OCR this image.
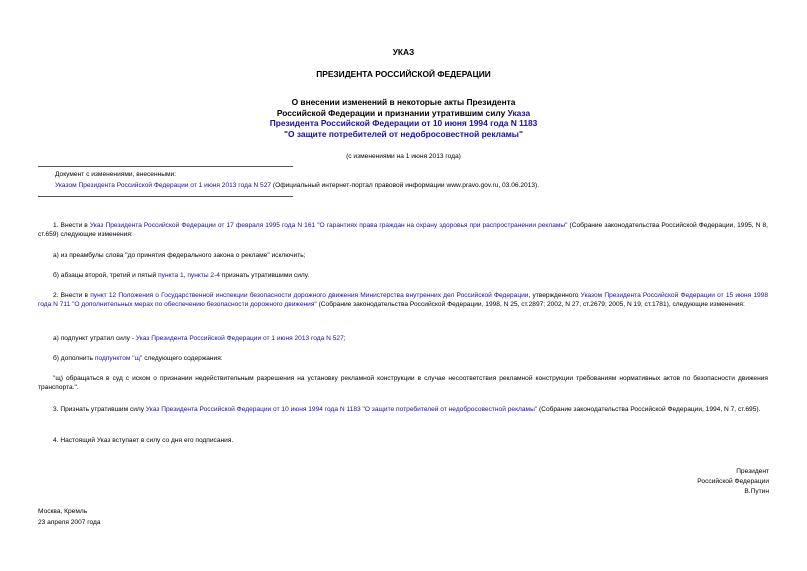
УКАЗ
ПРЕЗИДЕНТА РОССИЙСКОЙ ФЕДЕРАЦИИ
О внесении изменений в некоторые акты Президента
Российской Федерации и признании утратившим силу Указа
Президента Российской Федерации от 10 июня 1994 года N 1183
"О защите потребителей от недобросовестной рекламы"
(с изменениями на 1 июня 2013 года)
Документ с изменениями, внесенными:
Указом Президента Российской Федерации от 1 июня 2013 года N 527 (Официальный интернет-портал правовой информации www.pravo.gov.ru, 03.06.2013).
1. Внести в Указ Президента Российской Федерации от 17 февраля 1995 года N 161 "О гарантиях права граждан на охрану здоровья при распространении рекламы" (Собрание законодательства Российской Федерации, 1995, N 8, ст.659) следующие изменения:
а) из преамбулы слова "до принятия федерального закона о рекламе" исключить;
б) абзацы второй, третий и пятый пункта 1, пункты 2-4 признать утратившими силу.
2. Внести в пункт 12 Положения о Государственной инспекции безопасности дорожного движения Министерства внутренних дел Российской Федерации, утвержденного Указом Президента Российской Федерации от 15 июня 1998 года N 711 "О дополнительных мерах по обеспечению безопасности дорожного движения" (Собрание законодательства Российской Федерации, 1998, N 25, ст.2897; 2002, N 27, ст.2679; 2005, N 19, ст.1781), следующие изменения:
а) подпункт утратил силу - Указ Президента Российской Федерации от 1 июня 2013 года N 527;
б) дополнить подпунктом "щ" следующего содержания:
"щ) обращаться в суд с иском о признании недействительным разрешения на установку рекламной конструкции в случае несоответствия рекламной конструкции требованиям нормативных актов по безопасности движения транспорта.".
3. Признать утратившим силу Указ Президента Российской Федерации от 10 июня 1994 года N 1183 "О защите потребителей от недобросовестной рекламы" (Собрание законодательства Российской Федерации, 1994, N 7, ст.695).
4. Настоящий Указ вступает в силу со дня его подписания.
Президент
Российской Федерации
В.Путин
Москва, Кремль
23 апреля 2007 года
